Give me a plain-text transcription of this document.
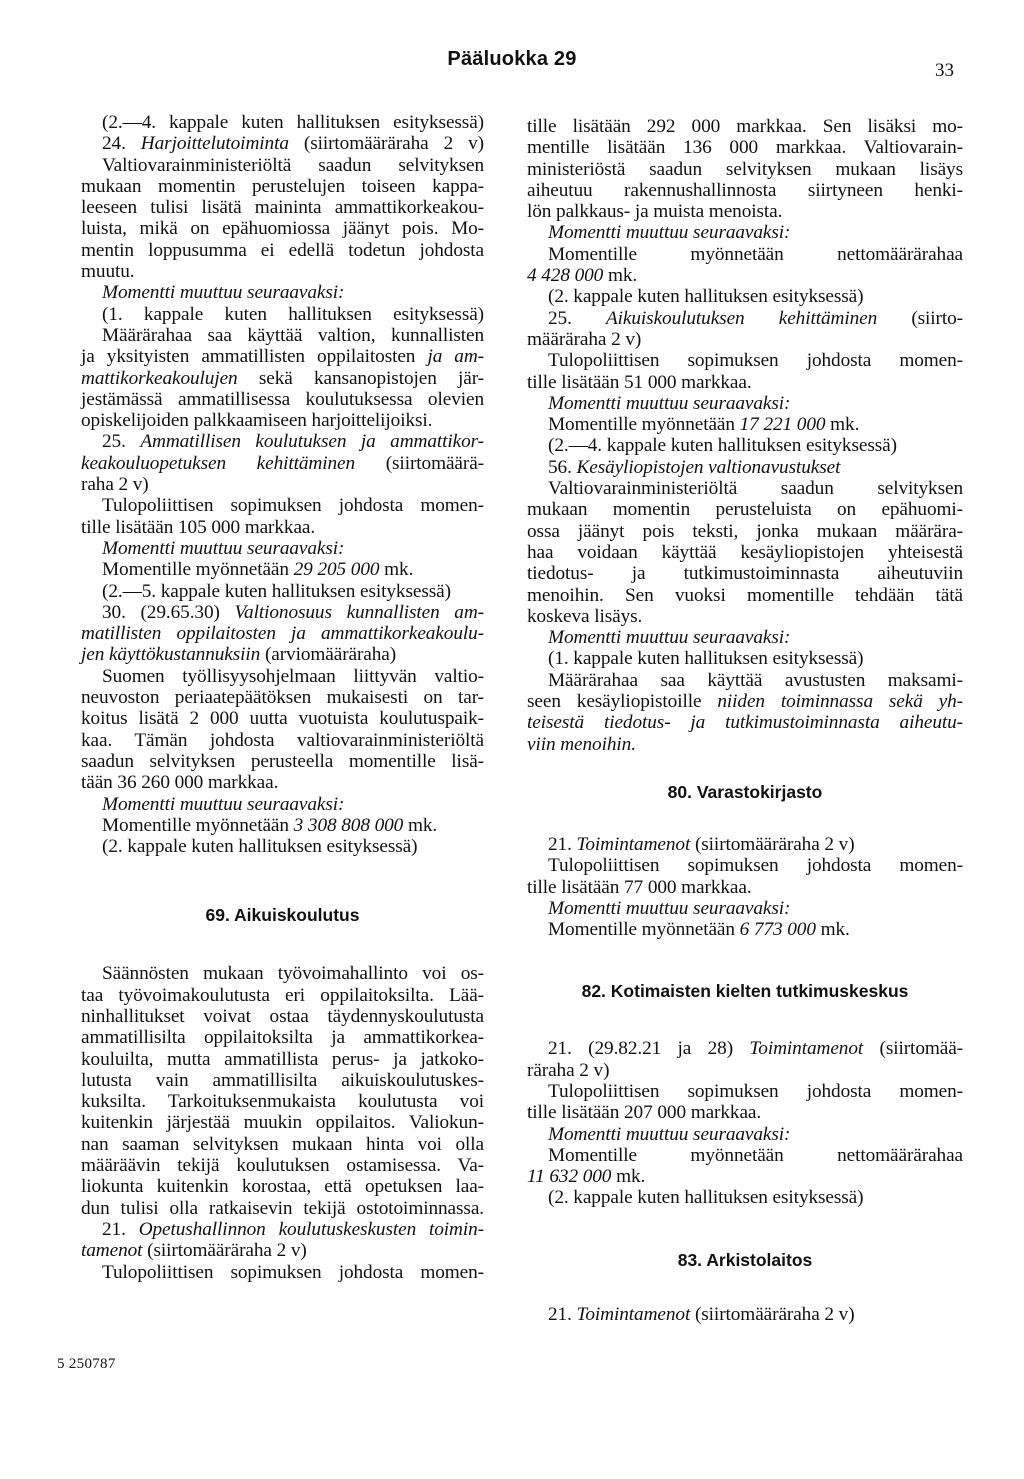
Pääluokka 29
33
(2.—4. kappale kuten hallituksen esityksessä)
24. Harjoittelutoiminta (siirtomääräraha 2 v)
Valtiovarainministeriöltä saadun selvityksen
mukaan momentin perustelujen toiseen kappa-
leeseen tulisi lisätä maininta ammattikorkeakou-
luista, mikä on epähuomiossa jäänyt pois. Mo-
mentin loppusumma ei edellä todetun johdosta
muutu.
Momentti muuttuu seuraavaksi:
(1. kappale kuten hallituksen esityksessä)
Määrärahaa saa käyttää valtion, kunnallisten
ja yksityisten ammatillisten oppilaitosten ja am-
mattikorkeakoulujen sekä kansanopistojen jär-
jestämässä ammatillisessa koulutuksessa olevien
opiskelijoiden palkkaamiseen harjoittelijoiksi.
25. Ammatillisen koulutuksen ja ammattikor-
keakouluopetuksen kehittäminen (siirtomäärä-
raha 2 v)
Tulopoliittisen sopimuksen johdosta momen-
tille lisätään 105 000 markkaa.
Momentti muuttuu seuraavaksi:
Momentille myönnetään 29 205 000 mk.
(2.—5. kappale kuten hallituksen esityksessä)
30. (29.65.30) Valtionosuus kunnallisten am-
matillisten oppilaitosten ja ammattikorkeakoulu-
jen käyttökustannuksiin (arviomääräraha)
Suomen työllisyysohjelmaan liittyvän valtio-
neuvoston periaatepäätöksen mukaisesti on tar-
koitus lisätä 2 000 uutta vuotuista koulutuspaik-
kaa. Tämän johdosta valtiovarainministeriöltä
saadun selvityksen perusteella momentille lisä-
tään 36 260 000 markkaa.
Momentti muuttuu seuraavaksi:
Momentille myönnetään 3 308 808 000 mk.
(2. kappale kuten hallituksen esityksessä)
69. Aikuiskoulutus
Säännösten mukaan työvoimahallinto voi os-
taa työvoimakoulutusta eri oppilaitoksilta. Lää-
ninhallitukset voivat ostaa täydennyskoulutusta
ammatillisilta oppilaitoksilta ja ammattikorkea-
kouluilta, mutta ammatillista perus- ja jatkoko-
lutusta vain ammatillisilta aikuiskoulutuskes-
kuksilta. Tarkoituksenmukaista koulutusta voi
kuitenkin järjestää muukin oppilaitos. Valiokun-
nan saaman selvityksen mukaan hinta voi olla
määräävin tekijä koulutuksen ostamisessa. Va-
liokunta kuitenkin korostaa, että opetuksen laa-
dun tulisi olla ratkaisevin tekijä ostotoiminnassa.
21. Opetushallinnon koulutuskeskusten toimin-
tamenot (siirtomääräraha 2 v)
Tulopoliittisen sopimuksen johdosta momen-
tille lisätään 292 000 markkaa. Sen lisäksi mo-
mentille lisätään 136 000 markkaa. Valtiovarain-
ministeriöstä saadun selvityksen mukaan lisäys
aiheutuu rakennushallinnosta siirtyneen henki-
lön palkkaus- ja muista menoista.
Momentti muuttuu seuraavaksi:
Momentille myönnetään nettomäärärahaa
4 428 000 mk.
(2. kappale kuten hallituksen esityksessä)
25. Aikuiskoulutuksen kehittäminen (siirto-
määräraha 2 v)
Tulopoliittisen sopimuksen johdosta momen-
tille lisätään 51 000 markkaa.
Momentti muuttuu seuraavaksi:
Momentille myönnetään 17 221 000 mk.
(2.—4. kappale kuten hallituksen esityksessä)
56. Kesäyliopistojen valtionavustukset
Valtiovarainministeriöltä saadun selvityksen
mukaan momentin perusteluista on epähuomi-
ossa jäänyt pois teksti, jonka mukaan määrära-
haa voidaan käyttää kesäyliopistojen yhteisestä
tiedotus- ja tutkimustoiminnasta aiheutuviin
menoihin. Sen vuoksi momentille tehdään tätä
koskeva lisäys.
Momentti muuttuu seuraavaksi:
(1. kappale kuten hallituksen esityksessä)
Määrärahaa saa käyttää avustusten maksami-
seen kesäyliopistoille niiden toiminnassa sekä yh-
teisestä tiedotus- ja tutkimustoiminnasta aiheutu-
viin menoihin.
80. Varastokirjasto
21. Toimintamenot (siirtomääräraha 2 v)
Tulopoliittisen sopimuksen johdosta momen-
tille lisätään 77 000 markkaa.
Momentti muuttuu seuraavaksi:
Momentille myönnetään 6 773 000 mk.
82. Kotimaisten kielten tutkimuskeskus
21. (29.82.21 ja 28) Toimintamenot (siirtomää-
räraha 2 v)
Tulopoliittisen sopimuksen johdosta momen-
tille lisätään 207 000 markkaa.
Momentti muuttuu seuraavaksi:
Momentille myönnetään nettomäärärahaa
11 632 000 mk.
(2. kappale kuten hallituksen esityksessä)
83. Arkistolaitos
21. Toimintamenot (siirtomääräraha 2 v)
5 250787
